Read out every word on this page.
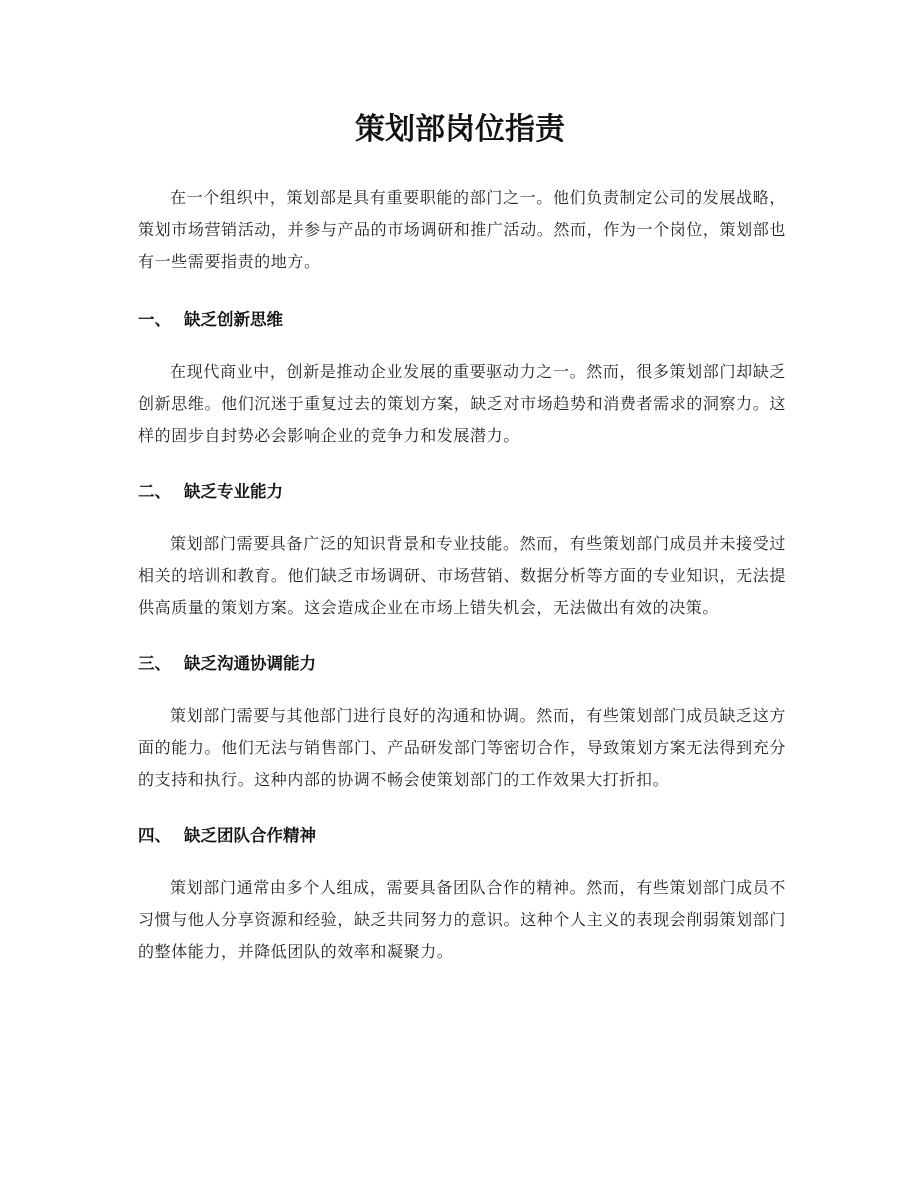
策划部岗位指责

在一个组织中，策划部是具有重要职能的部门之一。他们负责制定公司的发展战略，策划市场营销活动，并参与产品的市场调研和推广活动。然而，作为一个岗位，策划部也有一些需要指责的地方。

一、 缺乏创新思维

在现代商业中，创新是推动企业发展的重要驱动力之一。然而，很多策划部门却缺乏创新思维。他们沉迷于重复过去的策划方案，缺乏对市场趋势和消费者需求的洞察力。这样的固步自封势必会影响企业的竞争力和发展潜力。

二、 缺乏专业能力

策划部门需要具备广泛的知识背景和专业技能。然而，有些策划部门成员并未接受过相关的培训和教育。他们缺乏市场调研、市场营销、数据分析等方面的专业知识，无法提供高质量的策划方案。这会造成企业在市场上错失机会，无法做出有效的决策。

三、 缺乏沟通协调能力

策划部门需要与其他部门进行良好的沟通和协调。然而，有些策划部门成员缺乏这方面的能力。他们无法与销售部门、产品研发部门等密切合作，导致策划方案无法得到充分的支持和执行。这种内部的协调不畅会使策划部门的工作效果大打折扣。

四、 缺乏团队合作精神

策划部门通常由多个人组成，需要具备团队合作的精神。然而，有些策划部门成员不习惯与他人分享资源和经验，缺乏共同努力的意识。这种个人主义的表现会削弱策划部门的整体能力，并降低团队的效率和凝聚力。
